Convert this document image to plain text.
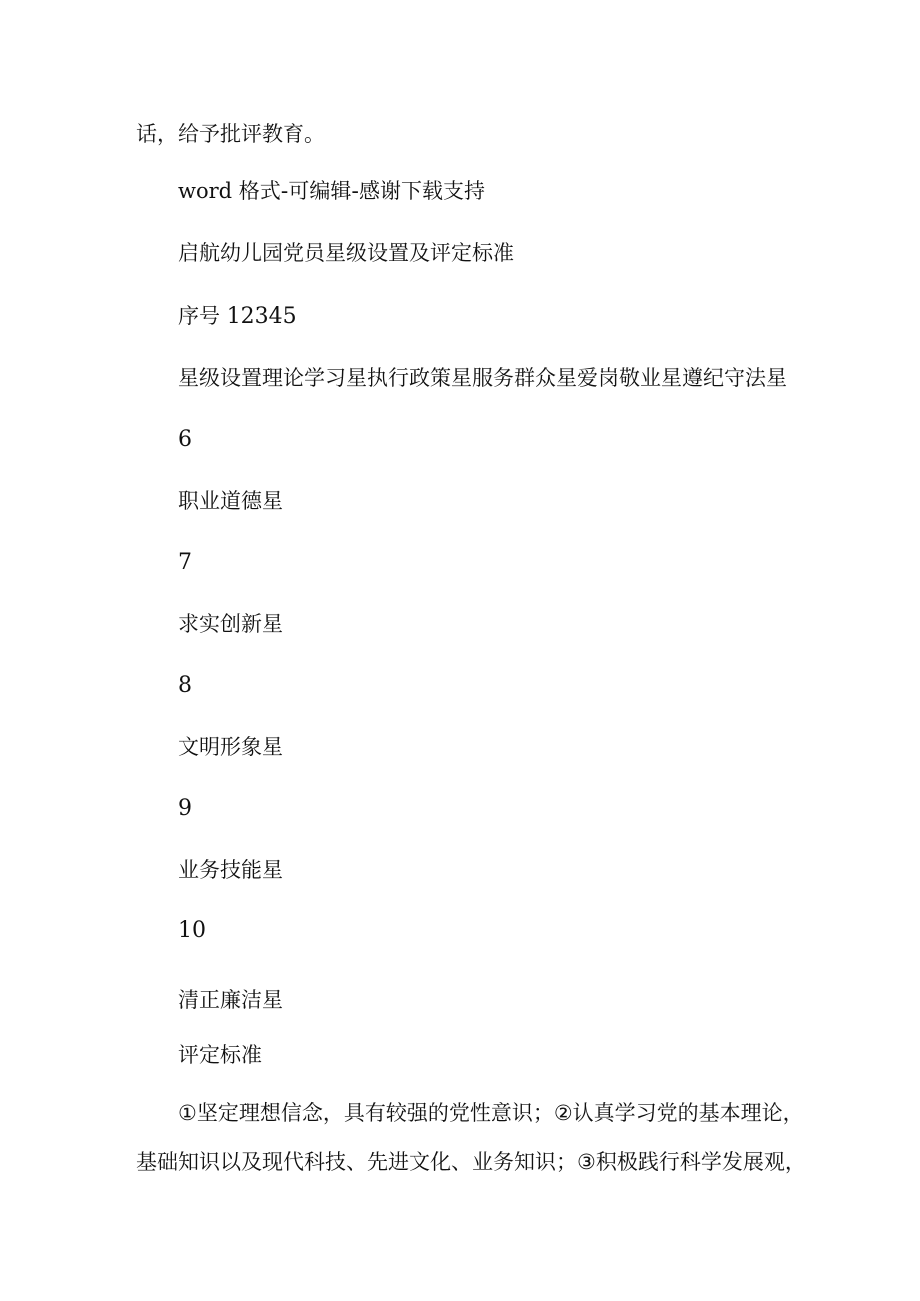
话，给予批评教育。
word 格式-可编辑-感谢下载支持
启航幼儿园党员星级设置及评定标准
序号 12345
星级设置理论学习星执行政策星服务群众星爱岗敬业星遵纪守法星
6
职业道德星
7
求实创新星
8
文明形象星
9
业务技能星
10
清正廉洁星
评定标准
①坚定理想信念，具有较强的党性意识；②认真学习党的基本理论，
基础知识以及现代科技、先进文化、业务知识；③积极践行科学发展观，
